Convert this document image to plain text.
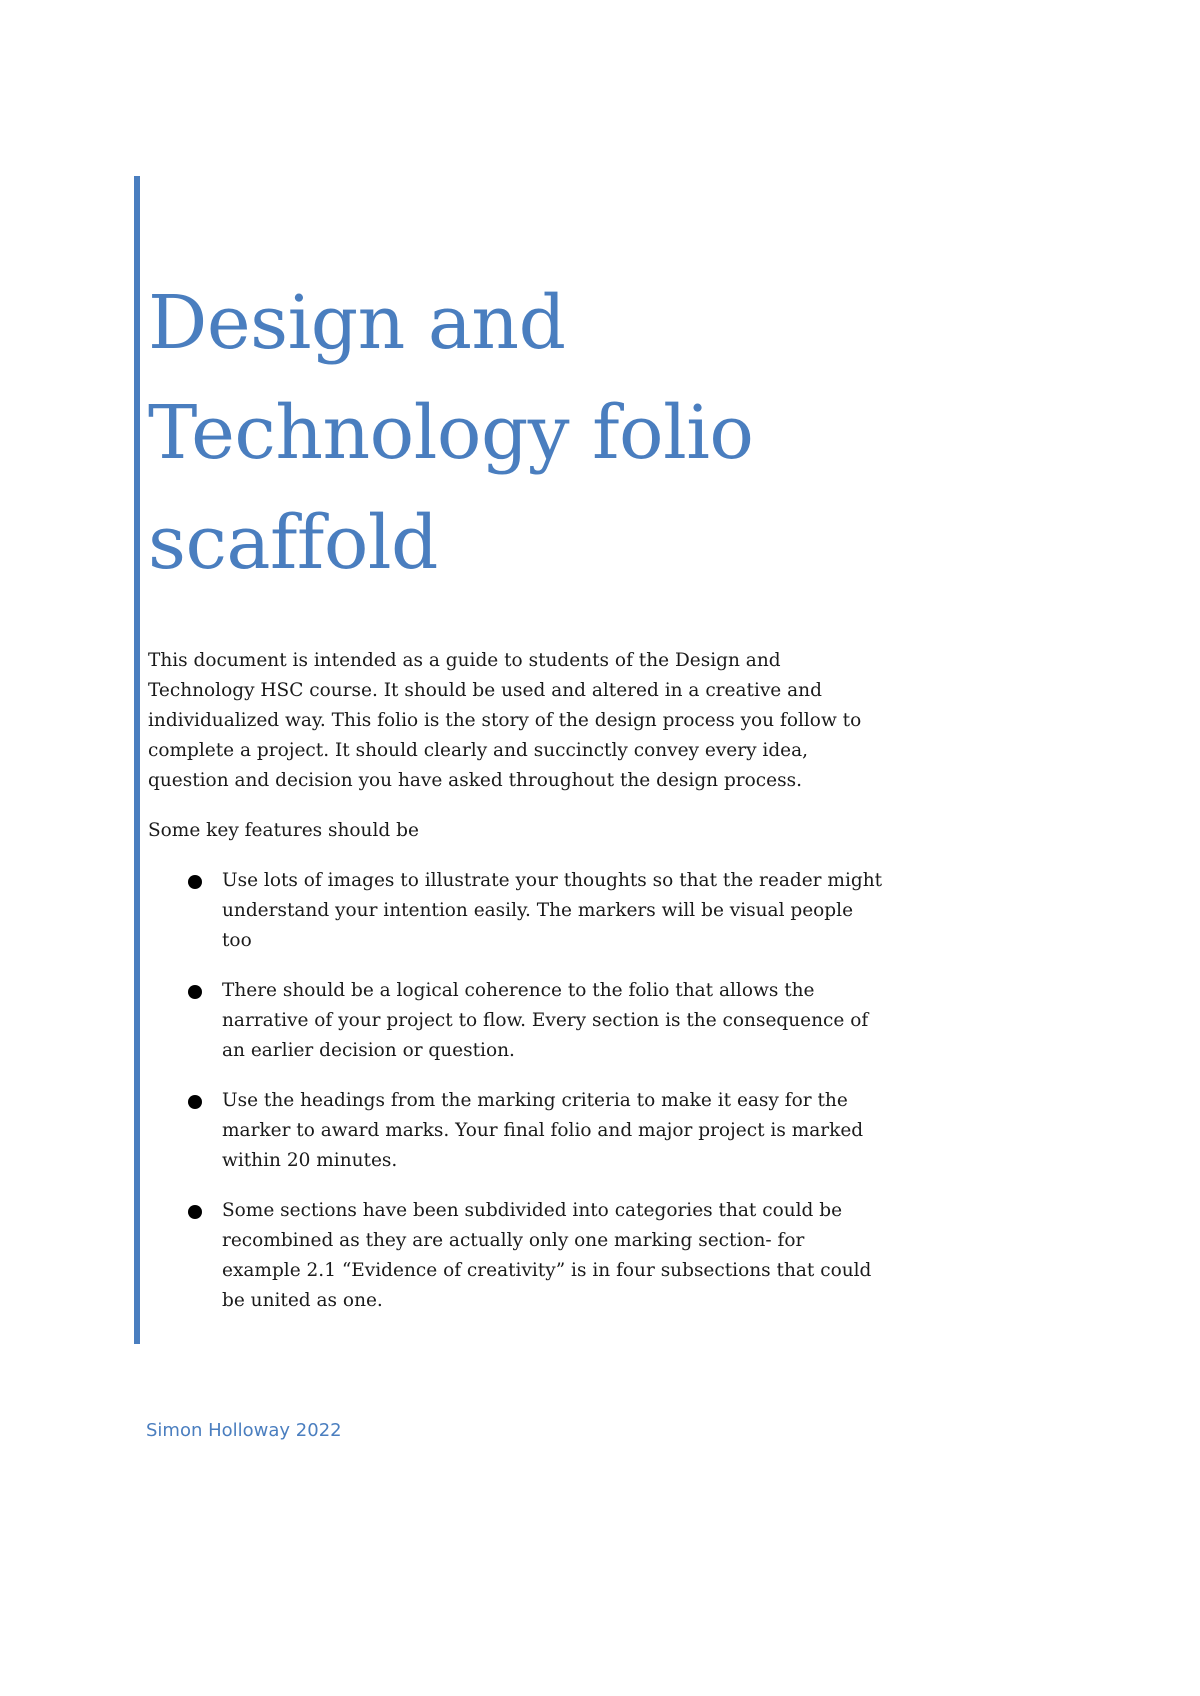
Design and
Technology folio
scaffold

This document is intended as a guide to students of the Design and Technology HSC course. It should be used and altered in a creative and individualized way. This folio is the story of the design process you follow to complete a project. It should clearly and succinctly convey every idea, question and decision you have asked throughout the design process.

Some key features should be

Use lots of images to illustrate your thoughts so that the reader might understand your intention easily. The markers will be visual people too
There should be a logical coherence to the folio that allows the narrative of your project to flow. Every section is the consequence of an earlier decision or question.
Use the headings from the marking criteria to make it easy for the marker to award marks. Your final folio and major project is marked within 20 minutes.
Some sections have been subdivided into categories that could be recombined as they are actually only one marking section- for example 2.1 “Evidence of creativity” is in four subsections that could be united as one.
Simon Holloway 2022
